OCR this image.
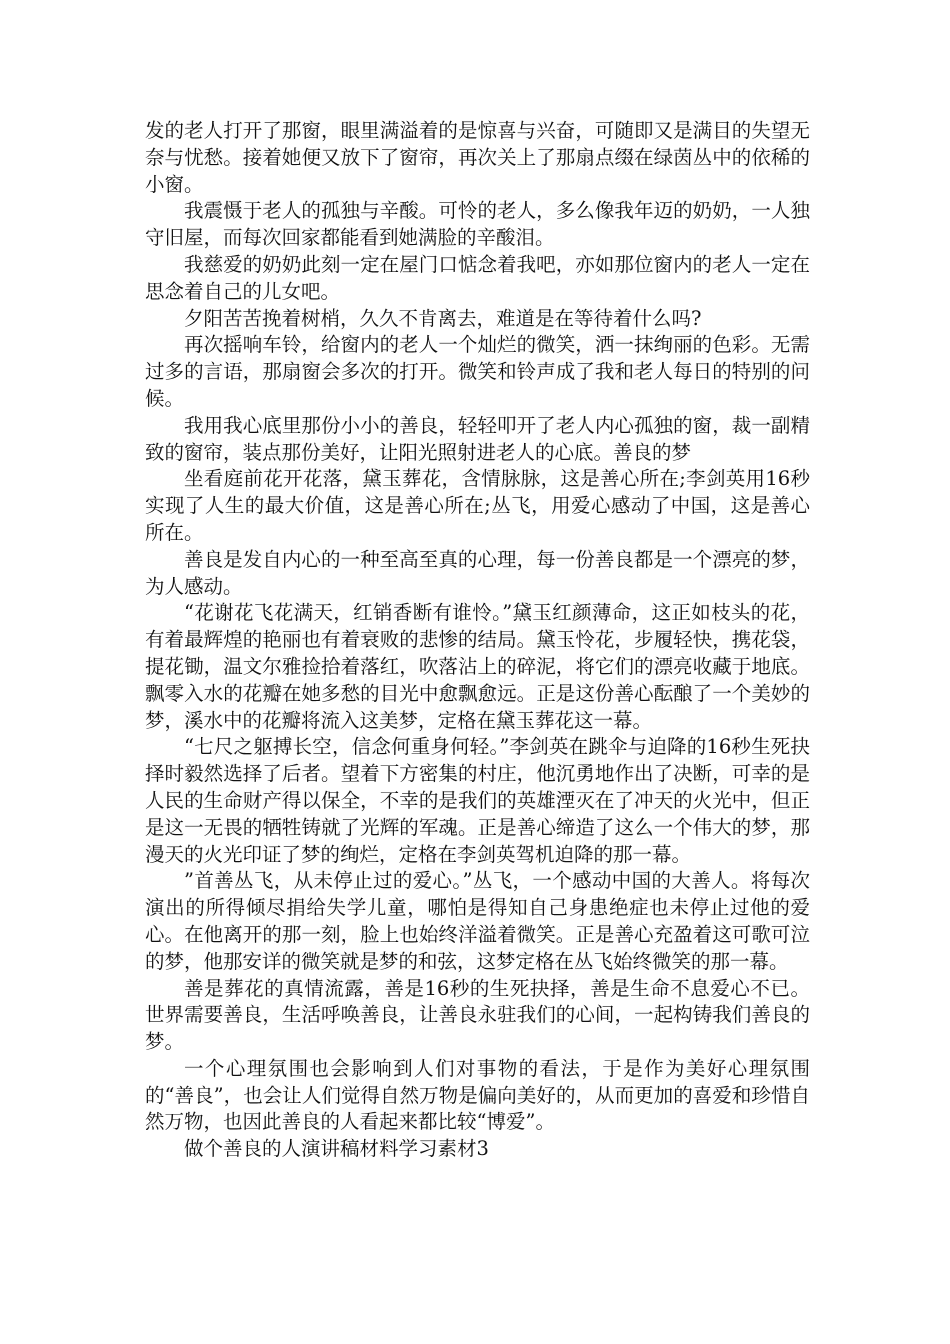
发的老人打开了那窗，眼里满溢着的是惊喜与兴奋，可随即又是满目的失望无奈与忧愁。接着她便又放下了窗帘，再次关上了那扇点缀在绿茵丛中的依稀的小窗。

我震慑于老人的孤独与辛酸。可怜的老人，多么像我年迈的奶奶，一人独守旧屋，而每次回家都能看到她满脸的辛酸泪。

我慈爱的奶奶此刻一定在屋门口惦念着我吧，亦如那位窗内的老人一定在思念着自己的儿女吧。

夕阳苦苦挽着树梢，久久不肯离去，难道是在等待着什么吗?

再次摇响车铃，给窗内的老人一个灿烂的微笑，洒一抹绚丽的色彩。无需过多的言语，那扇窗会多次的打开。微笑和铃声成了我和老人每日的特别的问候。

我用我心底里那份小小的善良，轻轻叩开了老人内心孤独的窗，裁一副精致的窗帘，装点那份美好，让阳光照射进老人的心底。善良的梦

坐看庭前花开花落，黛玉葬花，含情脉脉，这是善心所在;李剑英用16秒实现了人生的最大价值，这是善心所在;丛飞，用爱心感动了中国，这是善心所在。

善良是发自内心的一种至高至真的心理，每一份善良都是一个漂亮的梦，为人感动。

“花谢花飞花满天，红销香断有谁怜。”黛玉红颜薄命，这正如枝头的花，有着最辉煌的艳丽也有着衰败的悲惨的结局。黛玉怜花，步履轻快，携花袋，提花锄，温文尔雅捡拾着落红，吹落沾上的碎泥，将它们的漂亮收藏于地底。飘零入水的花瓣在她多愁的目光中愈飘愈远。正是这份善心酝酿了一个美妙的梦，溪水中的花瓣将流入这美梦，定格在黛玉葬花这一幕。

“七尺之躯搏长空，信念何重身何轻。”李剑英在跳伞与迫降的16秒生死抉择时毅然选择了后者。望着下方密集的村庄，他沉勇地作出了决断，可幸的是人民的生命财产得以保全，不幸的是我们的英雄湮灭在了冲天的火光中，但正是这一无畏的牺牲铸就了光辉的军魂。正是善心缔造了这么一个伟大的梦，那漫天的火光印证了梦的绚烂，定格在李剑英驾机迫降的那一幕。

”首善丛飞，从未停止过的爱心。”丛飞，一个感动中国的大善人。将每次演出的所得倾尽捐给失学儿童，哪怕是得知自己身患绝症也未停止过他的爱心。在他离开的那一刻，脸上也始终洋溢着微笑。正是善心充盈着这可歌可泣的梦，他那安详的微笑就是梦的和弦，这梦定格在丛飞始终微笑的那一幕。

善是葬花的真情流露，善是16秒的生死抉择，善是生命不息爱心不已。世界需要善良，生活呼唤善良，让善良永驻我们的心间，一起构铸我们善良的梦。

一个心理氛围也会影响到人们对事物的看法，于是作为美好心理氛围的“善良”，也会让人们觉得自然万物是偏向美好的，从而更加的喜爱和珍惜自然万物，也因此善良的人看起来都比较“博爱”。

做个善良的人演讲稿材料学习素材3
